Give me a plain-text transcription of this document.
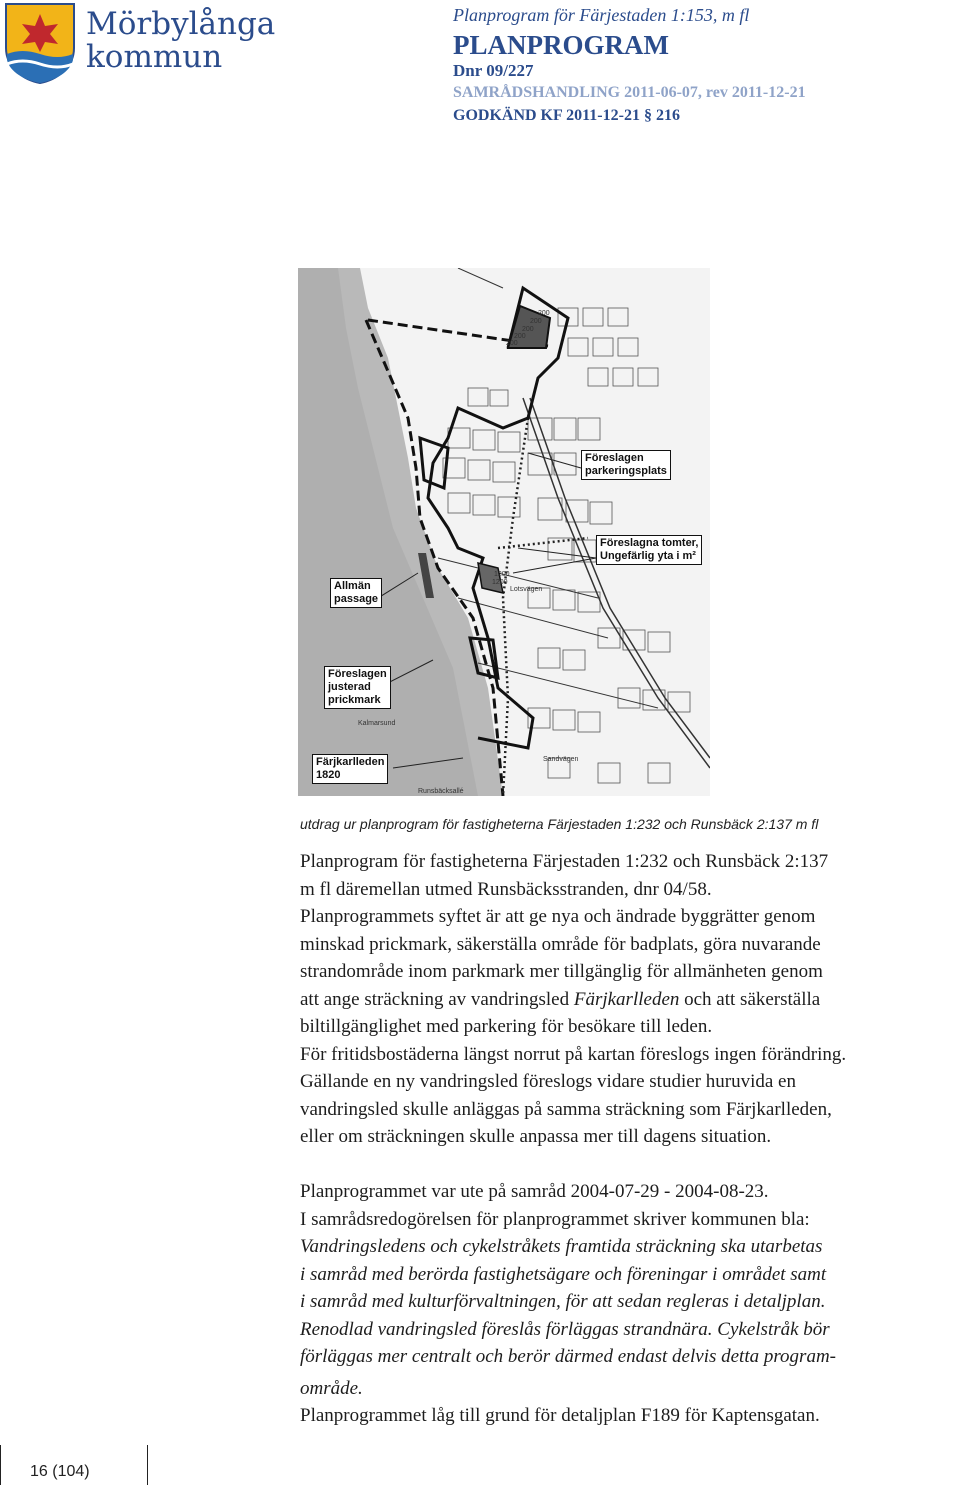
Mörbylånga
kommun
Planprogram för Färjestaden 1:153, m fl
PLANPROGRAM
Dnr 09/227
SAMRÅDSHANDLING 2011-06-07, rev 2011-12-21
GODKÄND KF 2011-12-21 § 216
Föreslagen
parkeringsplats
Föreslagna tomter,
Ungefärlig yta i m²
Allmän
passage
Föreslagen
justerad
prickmark
Färjkarlleden
1820
Kalmarsund
Runsbäcksallé
Lotsvägen
Sandvägen
200
200
200
200
200
1200
1200
utdrag ur planprogram för fastigheterna Färjestaden 1:232 och Runsbäck 2:137 m fl

Planprogram för fastigheterna Färjestaden 1:232 och Runsbäck 2:137

m fl däremellan utmed Runsbäcksstranden, dnr 04/58.

Planprogrammets syftet är att ge nya och ändrade byggrätter genom

minskad prickmark, säkerställa område för badplats, göra nuvarande

strandområde inom parkmark mer tillgänglig för allmänheten genom

att ange sträckning av vandringsled Färjkarlleden och att säkerställa

biltillgänglighet med parkering för besökare till leden.

För fritidsbostäderna längst norrut på kartan föreslogs ingen förändring.

Gällande en ny vandringsled föreslogs vidare studier huruvida en

vandringsled skulle anläggas på samma sträckning som Färjkarlleden,

eller om sträckningen skulle anpassa mer till dagens situation.

Planprogrammet var ute på samråd 2004-07-29 - 2004-08-23.

I samrådsredogörelsen för planprogrammet skriver kommunen bla:

Vandringsledens och cykelstråkets framtida sträckning ska utarbetas

i samråd med berörda fastighetsägare och föreningar i området samt

i samråd med kulturförvaltningen, för att sedan regleras i detaljplan.

Renodlad vandringsled föreslås förläggas strandnära. Cykelstråk bör

förläggas mer centralt och berör därmed endast delvis detta program-

område.

Planprogrammet låg till grund för detaljplan F189 för Kaptensgatan.

16 (104)
